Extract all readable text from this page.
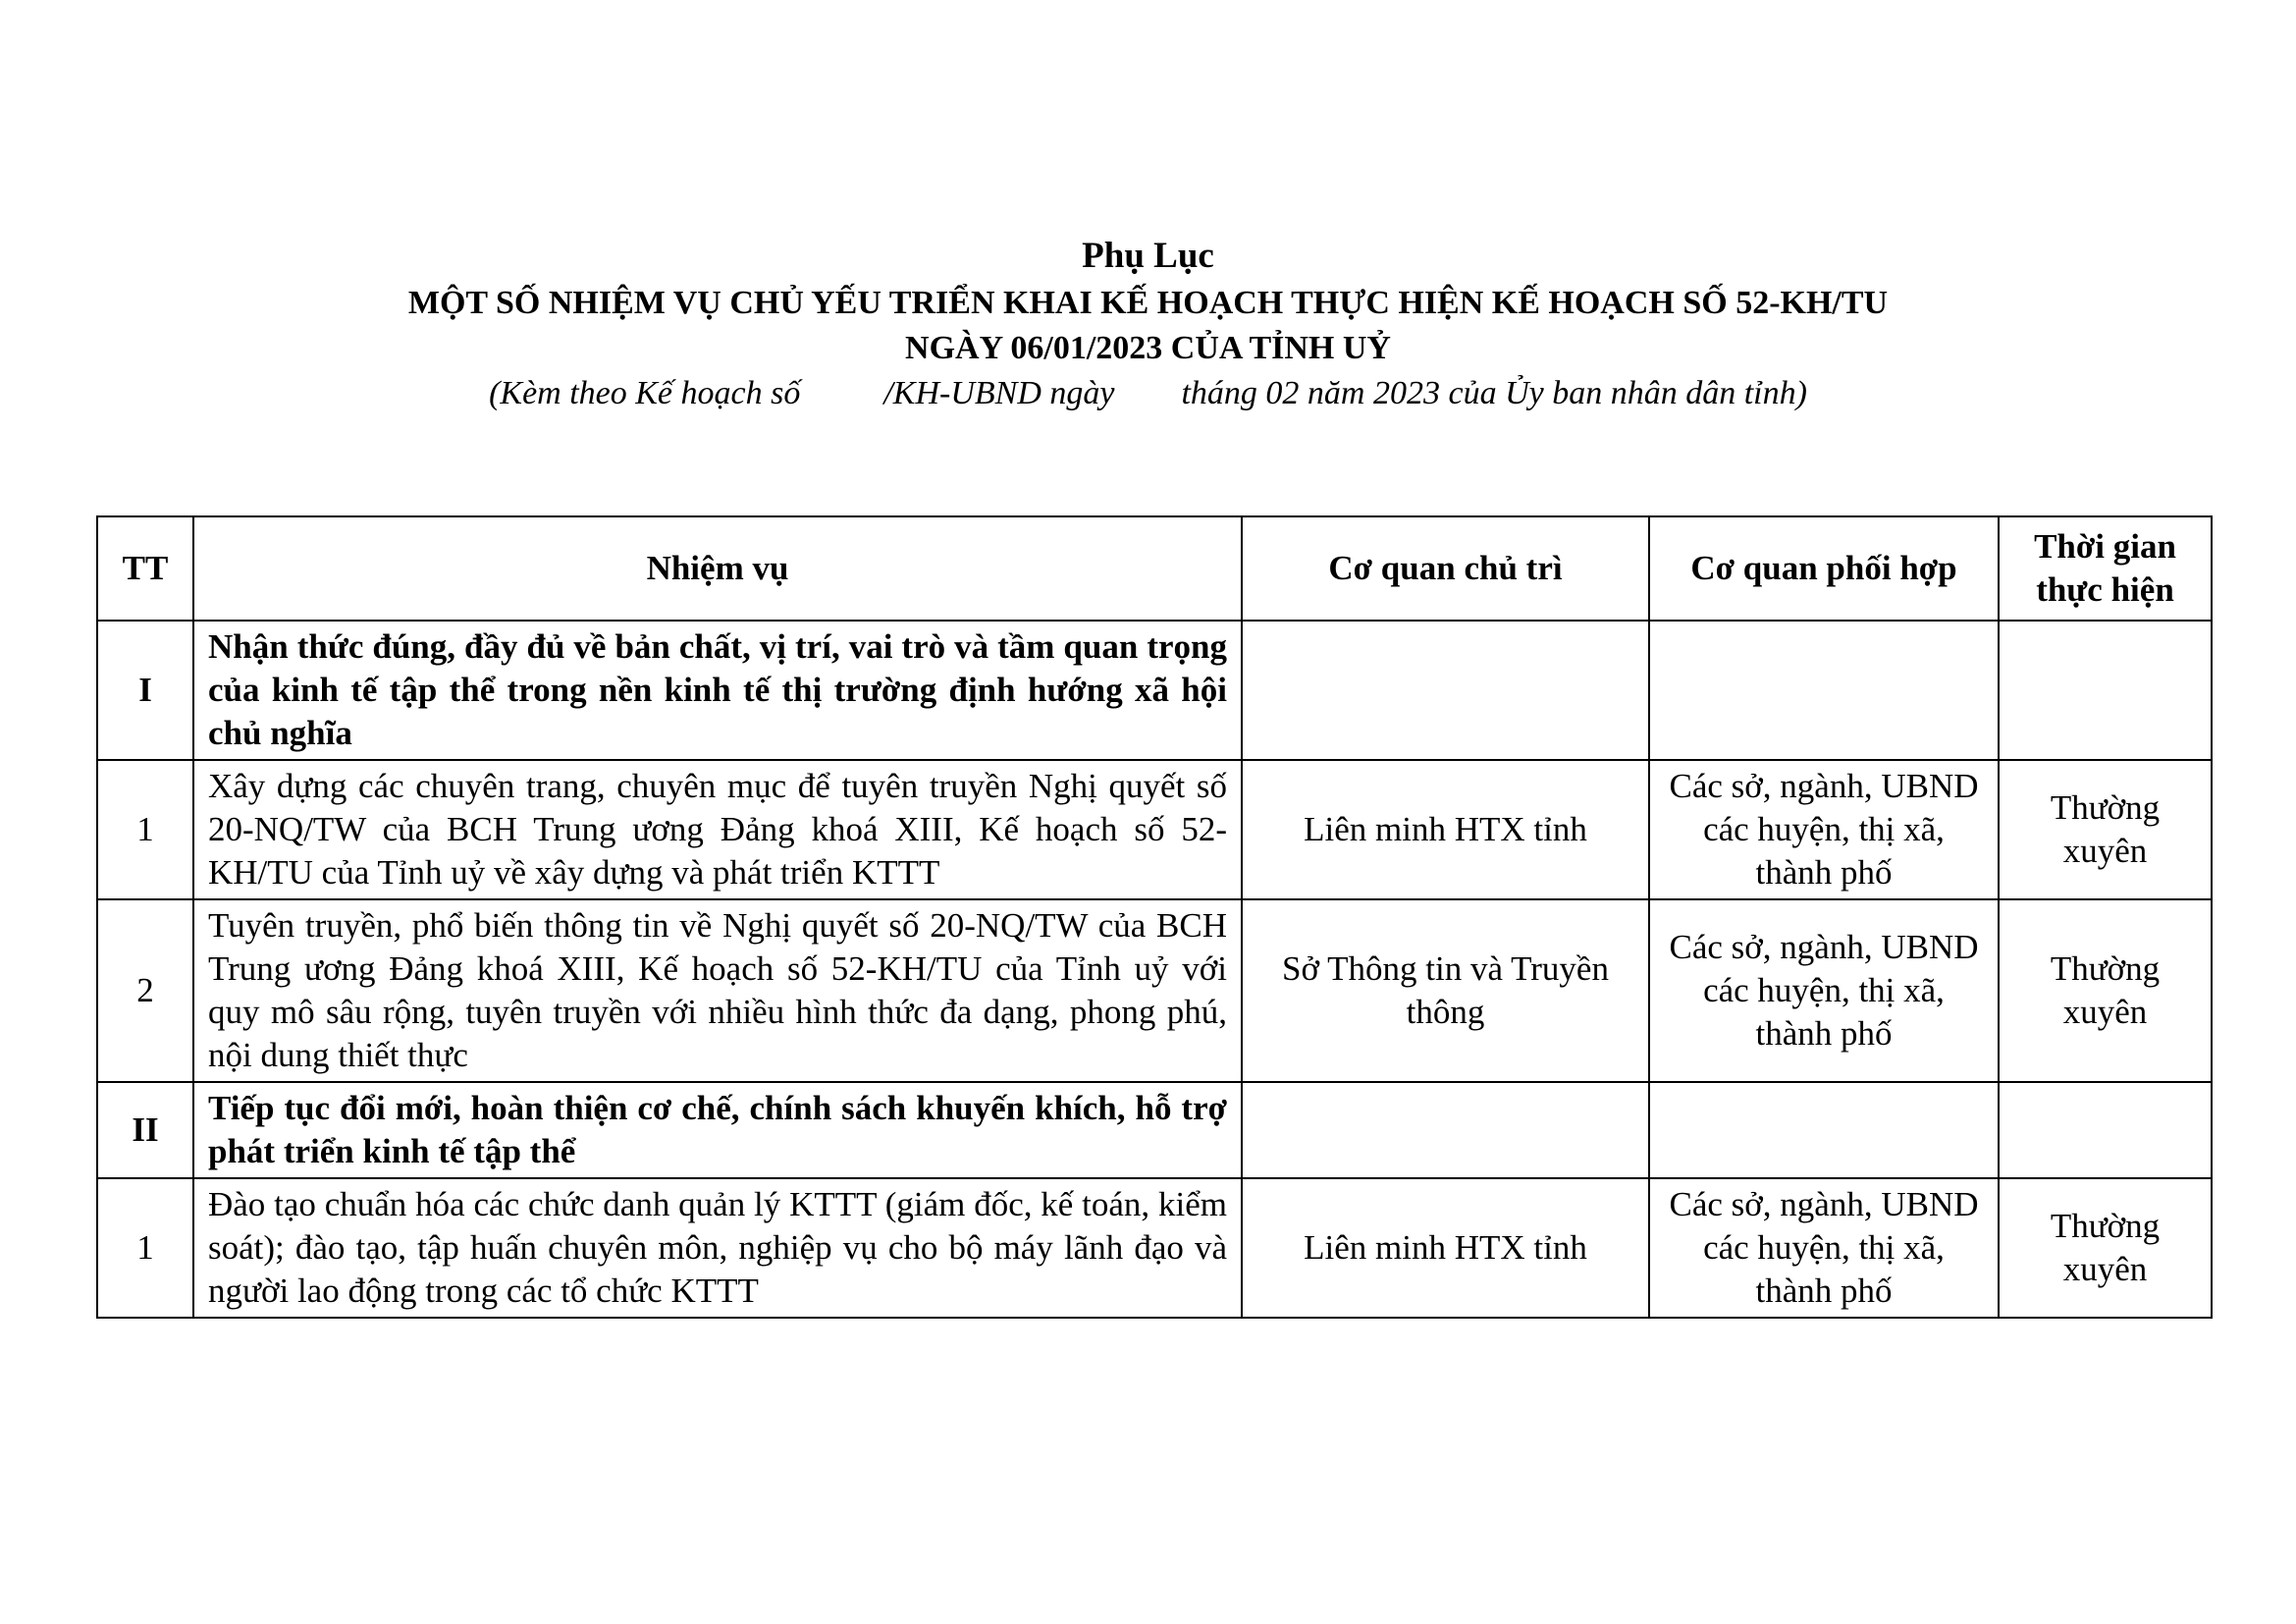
Phụ Lục
MỘT SỐ NHIỆM VỤ CHỦ YẾU TRIỂN KHAI KẾ HOẠCH THỰC HIỆN KẾ HOẠCH SỐ 52-KH/TU
NGÀY 06/01/2023 CỦA TỈNH UỶ
(Kèm theo Kế hoạch số          /KH-UBND ngày        tháng 02 năm 2023 của Ủy ban nhân dân tỉnh)
TT	Nhiệm vụ	Cơ quan chủ trì	Cơ quan phối hợp	Thời gian
thực hiện
I	Nhận thức đúng, đầy đủ về bản chất, vị trí, vai trò và tầm quan trọng của kinh tế tập thể trong nền kinh tế thị trường định hướng xã hội chủ nghĩa			
1	Xây dựng các chuyên trang, chuyên mục để tuyên truyền Nghị quyết số 20-NQ/TW của BCH Trung ương Đảng khoá XIII, Kế hoạch số 52-KH/TU của Tỉnh uỷ về xây dựng và phát triển KTTT	Liên minh HTX tỉnh	Các sở, ngành, UBND các huyện, thị xã, thành phố	Thường xuyên
2	Tuyên truyền, phổ biến thông tin về Nghị quyết số 20-NQ/TW của BCH Trung ương Đảng khoá XIII, Kế hoạch số 52-KH/TU của Tỉnh uỷ với quy mô sâu rộng, tuyên truyền với nhiều hình thức đa dạng, phong phú, nội dung thiết thực	Sở Thông tin và Truyền thông	Các sở, ngành, UBND các huyện, thị xã, thành phố	Thường xuyên
II	Tiếp tục đổi mới, hoàn thiện cơ chế, chính sách khuyến khích, hỗ trợ phát triển kinh tế tập thể			
1	Đào tạo chuẩn hóa các chức danh quản lý KTTT (giám đốc, kế toán, kiểm soát); đào tạo, tập huấn chuyên môn, nghiệp vụ cho bộ máy lãnh đạo và người lao động trong các tổ chức KTTT	Liên minh HTX tỉnh	Các sở, ngành, UBND các huyện, thị xã, thành phố	Thường xuyên
